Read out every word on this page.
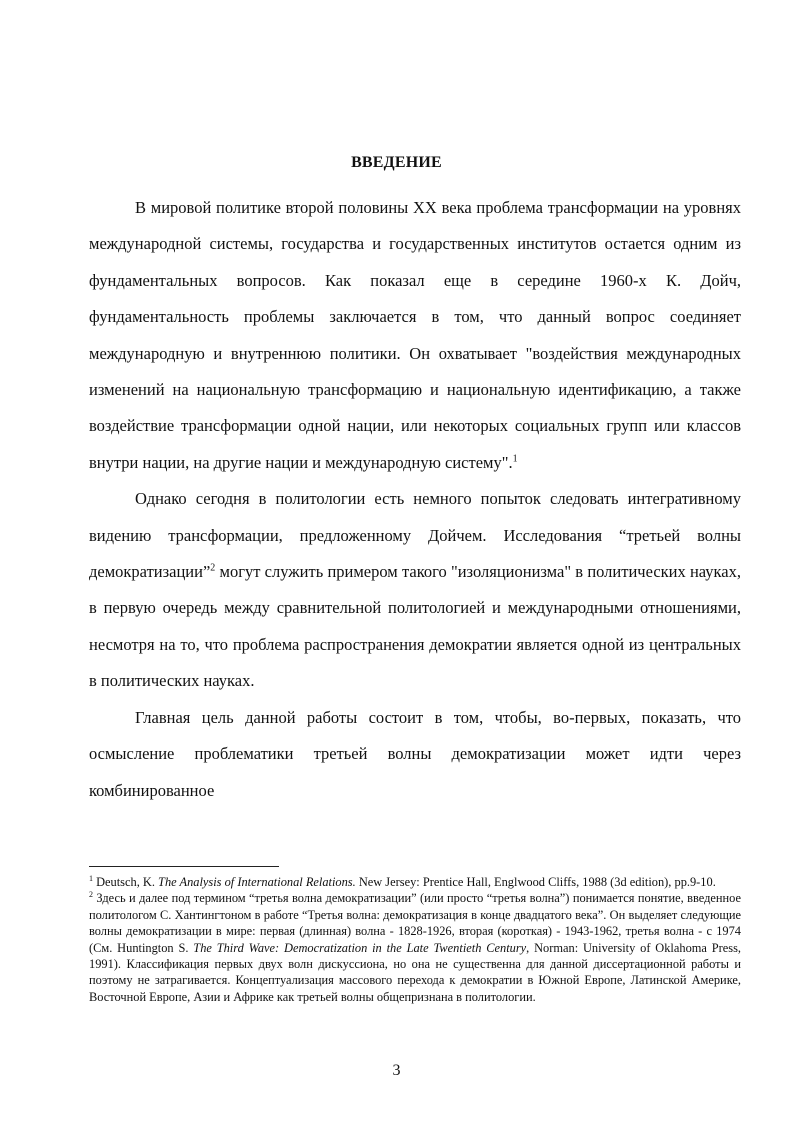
ВВЕДЕНИЕ

В мировой политике второй половины XX века проблема трансформации на уровнях международной системы, государства и государственных институтов остается одним из фундаментальных вопросов. Как показал еще в середине 1960-х К. Дойч, фундаментальность проблемы заключается в том, что данный вопрос соединяет международную и внутреннюю политики. Он охватывает "воздействия международных изменений на национальную трансформацию и национальную идентификацию, а также воздействие трансформации одной нации, или некоторых социальных групп или классов внутри нации, на другие нации и международную систему".$^1$

Однако сегодня в политологии есть немного попыток следовать интегративному видению трансформации, предложенному Дойчем. Исследования “третьей волны демократизации”$^2$ могут служить примером такого "изоляционизма" в политических науках, в первую очередь между сравнительной политологией и международными отношениями, несмотря на то, что проблема распространения демократии является одной из центральных в политических науках.

Главная цель данной работы состоит в том, чтобы, во-первых, показать, что осмысление проблематики третьей волны демократизации может идти через комбинированное

$^1$ Deutsch, K. The Analysis of International Relations. New Jersey: Prentice Hall, Englwood Cliffs, 1988 (3d edition), pp.9-10.

$^2$ Здесь и далее под термином “третья волна демократизации” (или просто “третья волна”) понимается понятие, введенное политологом С. Хантингтоном в работе “Третья волна: демократизация в конце двадцатого века”. Он выделяет следующие волны демократизации в мире: первая (длинная) волна - 1828-1926, вторая (короткая) - 1943-1962, третья волна - с 1974 (См. Huntington S. The Third Wave: Democratization in the Late Twentieth Century, Norman: University of Oklahoma Press, 1991). Классификация первых двух волн дискуссиона, но она не существенна для данной диссертационной работы и поэтому не затрагивается. Концептуализация массового перехода к демократии в Южной Европе, Латинской Америке, Восточной Европе, Азии и Африке как третьей волны общепризнана в политологии.

3
